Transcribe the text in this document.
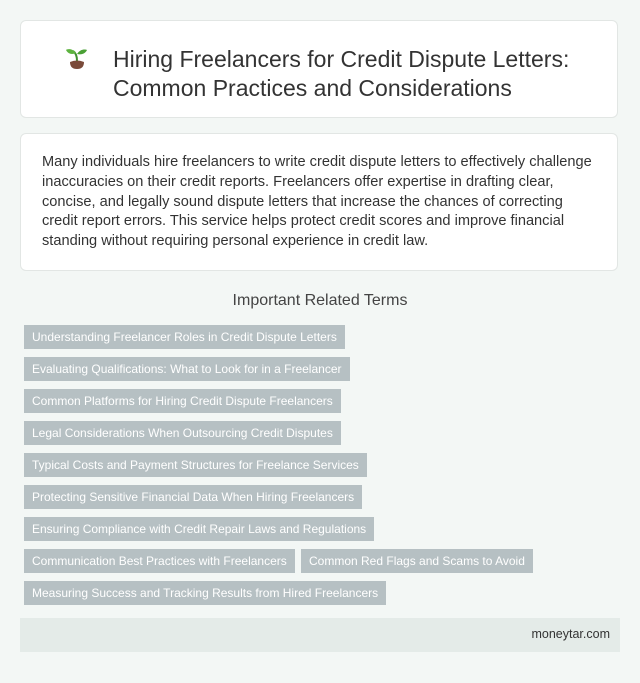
Hiring Freelancers for Credit Dispute Letters:
Common Practices and Considerations
Many individuals hire freelancers to write credit dispute letters to effectively challenge inaccuracies on their credit reports. Freelancers offer expertise in drafting clear, concise, and legally sound dispute letters that increase the chances of correcting credit report errors. This service helps protect credit scores and improve financial standing without requiring personal experience in credit law.
Important Related Terms
Understanding Freelancer Roles in Credit Dispute Letters
Evaluating Qualifications: What to Look for in a Freelancer
Common Platforms for Hiring Credit Dispute Freelancers
Legal Considerations When Outsourcing Credit Disputes
Typical Costs and Payment Structures for Freelance Services
Protecting Sensitive Financial Data When Hiring Freelancers
Ensuring Compliance with Credit Repair Laws and Regulations
Communication Best Practices with Freelancers	Common Red Flags and Scams to Avoid
Measuring Success and Tracking Results from Hired Freelancers
moneytar.com
